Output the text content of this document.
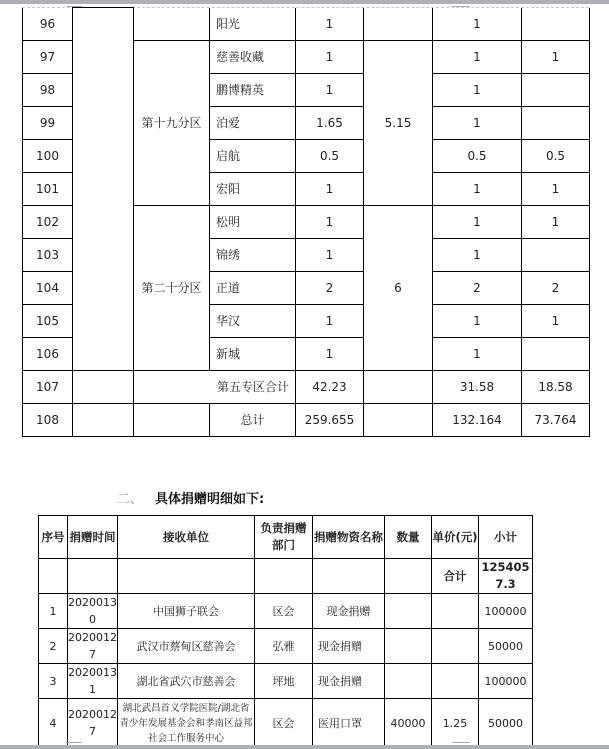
96			阳光	1		1	
97		第十九分区	慈善收藏	1	5.15	1	1
98			鹏博精英	1		1	
99			泊爱	1.65		1	
100			启航	0.5		0.5	0.5
101			宏阳	1		1	1
102		第二十分区	松明	1	6	1	1
103			锦绣	1		1	
104			正道	2		2	2
105			华汉	1		1	1
106			新城	1		1	
107		第五专区合计		42.23		31.58	18.58
108			总计	259.655		132.164	73.764
二、 具体捐赠明细如下:
序号	捐赠时间	接收单位	负责捐赠部门	捐赠物资名称	数量	单价(元)	小计
						合计	1254057.3
1	20200130	中国狮子联会	区会	现金捐赠			100000
2	20200127	武汉市蔡甸区慈善会	弘雅	现金捐赠			50000
3	20200131	湖北省武穴市慈善会	坪地	现金捐赠			100000
4	20200127	湖北武昌首义学院医院/湖北省青少年发展基金会和孝南区益邦社会工作服务中心	区会	医用口罩	40000	1.25	50000
